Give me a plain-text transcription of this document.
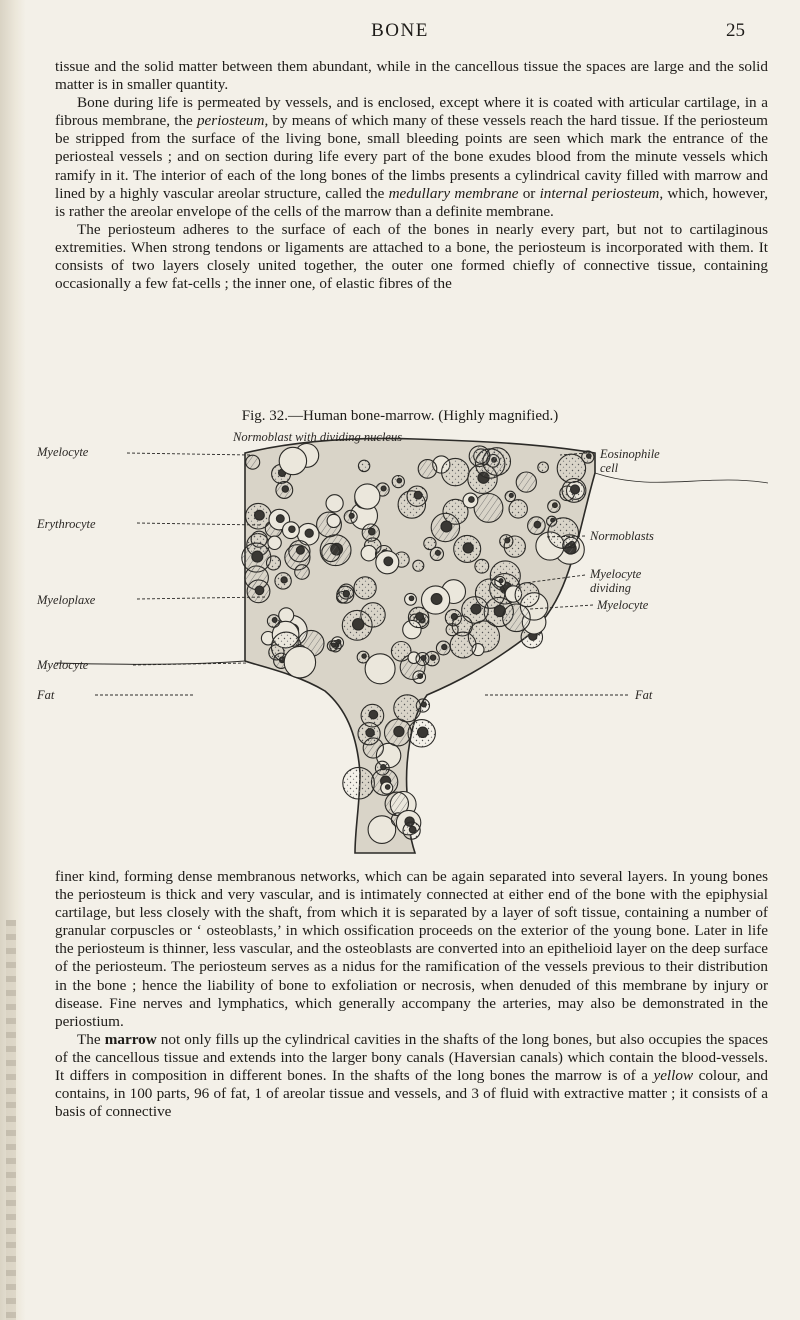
BONE	25

tissue and the solid matter between them abundant, while in the cancellous tissue the spaces are large and the solid matter is in smaller quantity.

Bone during life is permeated by vessels, and is enclosed, except where it is coated with articular cartilage, in a fibrous membrane, the periosteum, by means of which many of these vessels reach the hard tissue. If the periosteum be stripped from the surface of the living bone, small bleeding points are seen which mark the entrance of the periosteal vessels ; and on section during life every part of the bone exudes blood from the minute vessels which ramify in it. The interior of each of the long bones of the limbs presents a cylindrical cavity filled with marrow and lined by a highly vascular areolar structure, called the medullary membrane or internal periosteum, which, however, is rather the areolar envelope of the cells of the marrow than a definite membrane.

The periosteum adheres to the surface of each of the bones in nearly every part, but not to cartilaginous extremities. When strong tendons or ligaments are attached to a bone, the periosteum is incorporated with them. It consists of two layers closely united together, the outer one formed chiefly of connective tissue, containing occasionally a few fat-cells ; the inner one, of elastic fibres of the

Fig. 32.—Human bone-marrow. (Highly magnified.)
Normoblast with dividing nucleus
Myelocyte
Erythrocyte
Myeloplaxe
Myelocyte
Fat
Eosinophile cell
Normoblasts
Myelocyte dividing
Myelocyte
Fat

finer kind, forming dense membranous networks, which can be again separated into several layers. In young bones the periosteum is thick and very vascular, and is intimately connected at either end of the bone with the epiphysial cartilage, but less closely with the shaft, from which it is separated by a layer of soft tissue, containing a number of granular corpuscles or ‘ osteoblasts,’ in which ossification proceeds on the exterior of the young bone. Later in life the periosteum is thinner, less vascular, and the osteoblasts are converted into an epithelioid layer on the deep surface of the periosteum. The periosteum serves as a nidus for the ramification of the vessels previous to their distribution in the bone ; hence the liability of bone to exfoliation or necrosis, when denuded of this membrane by injury or disease. Fine nerves and lymphatics, which generally accompany the arteries, may also be demonstrated in the periostium.

The marrow not only fills up the cylindrical cavities in the shafts of the long bones, but also occupies the spaces of the cancellous tissue and extends into the larger bony canals (Haversian canals) which contain the blood-vessels. It differs in composition in different bones. In the shafts of the long bones the marrow is of a yellow colour, and contains, in 100 parts, 96 of fat, 1 of areolar tissue and vessels, and 3 of fluid with extractive matter ; it consists of a basis of connective
